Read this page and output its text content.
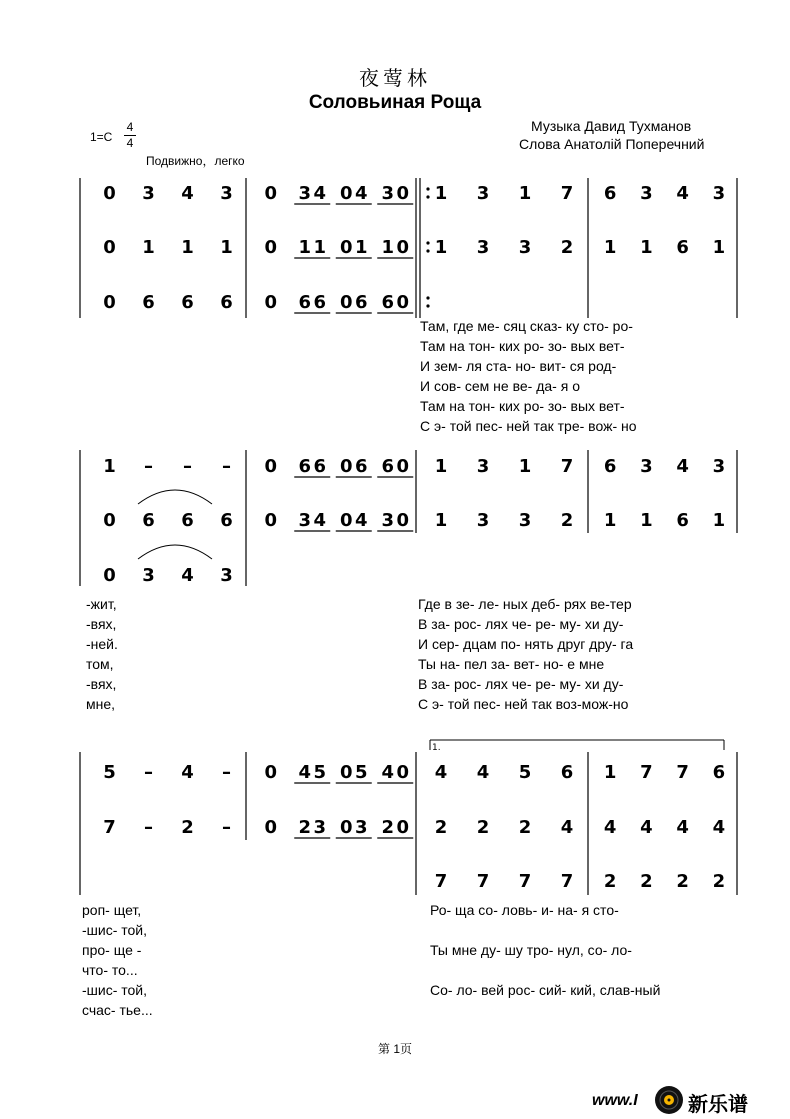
夜莺林
Соловьиная Роща
$1=C \frac{4}{4}$
Подвижно，легко
Музыка Давид Тухманов
Слова Анатолій Поперечний
0 3 4 3 0 3 4 0 4 3 0 1 3 1 7 6 3 4 3
0 1 1 1 0 1 1 0 1 1 0 1 3 3 2 1 1 6 1
0 6 6 6 0 6 6 0 6 6 0
1 – – – 0 6 6 0 6 6 0 1 3 1 7 6 3 4 3
0 6 6 6 0 3 4 0 4 3 0 1 3 3 2 1 1 6 1
0 3 4 3
5 – 4 – 0 4 5 0 5 4 0 4 4 5 6 1 7 7 6
7 – 2 – 0 2 3 0 3 2 0 2 2 2 4 4 4 4 4
7 7 7 7 2 2 2 2
1.
Там, где ме- сяц сказ- ку сто- ро-
Там на тон- ких ро- зо- вых вет-
И зем- ля ста- но- вит- ся род-
И сов- сем не ве- да- я о
Там на тон- ких ро- зо- вых вет-
С э- той пес- ней так тре- вож- но
-жит,
-вях,
-ней.
том,
-вях,
мне,
Где в зе- ле- ных деб- рях ве-тер
В за- рос- лях че- ре- му- хи ду-
И сер- дцам по- нять друг дру- га
Ты на- пел за- вет- но- е мне
В за- рос- лях че- ре- му- хи ду-
С э- той пес- ней так воз-мож-но
роп- щет,
-шис- той,
про- ще -
что- то...
-шис- той,
счас- тье...
Ро- ща со- ловь- и- на- я сто-
Ты мне ду- шу тро- нул, со- ло-
Со- ло- вей рос- сий- кий, слав-ный
第 1页
www.I	新乐谱
